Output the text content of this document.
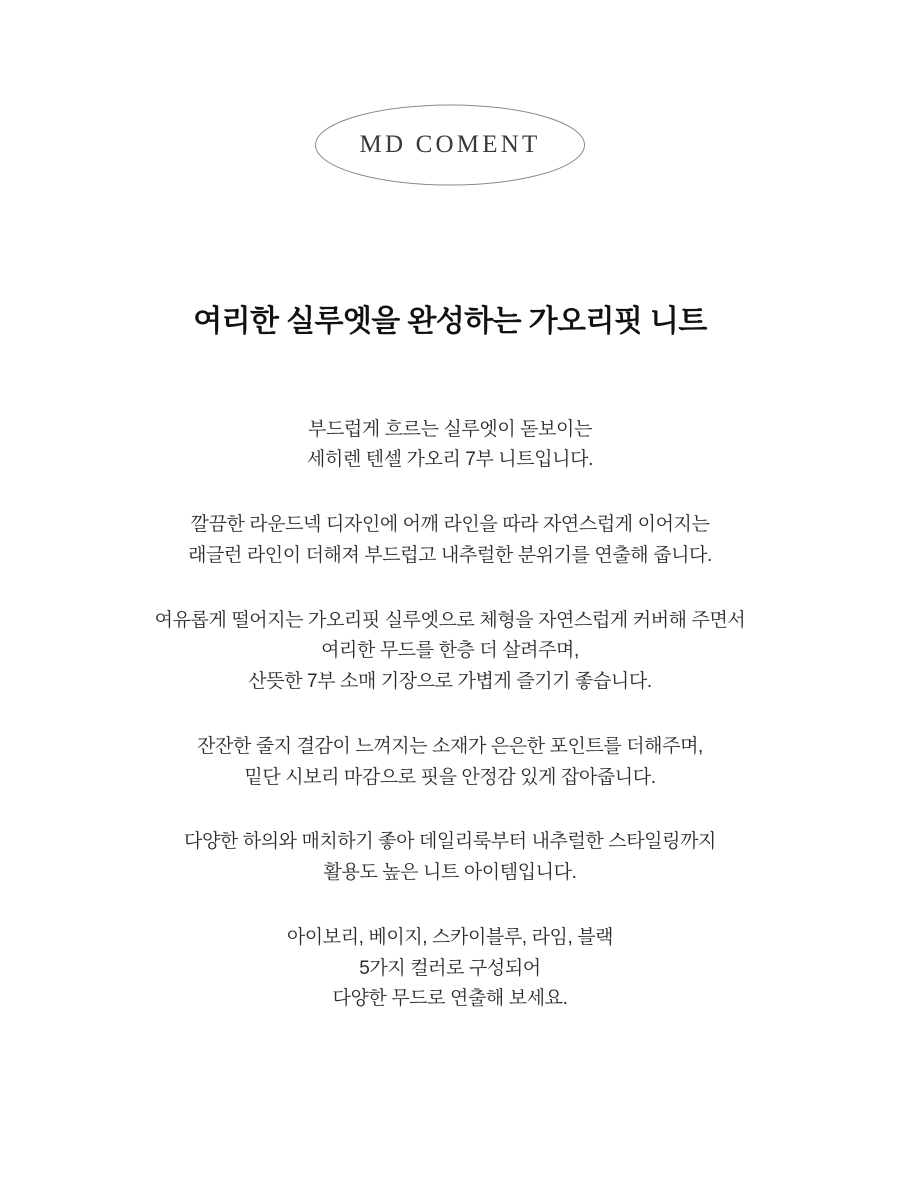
MD COMENT
여리한 실루엣을 완성하는 가오리핏 니트

부드럽게 흐르는 실루엣이 돋보이는
세히렌 텐셀 가오리 7부 니트입니다.

깔끔한 라운드넥 디자인에 어깨 라인을 따라 자연스럽게 이어지는
래글런 라인이 더해져 부드럽고 내추럴한 분위기를 연출해 줍니다.

여유롭게 떨어지는 가오리핏 실루엣으로 체형을 자연스럽게 커버해 주면서
여리한 무드를 한층 더 살려주며,
산뜻한 7부 소매 기장으로 가볍게 즐기기 좋습니다.

잔잔한 줄지 결감이 느껴지는 소재가 은은한 포인트를 더해주며,
밑단 시보리 마감으로 핏을 안정감 있게 잡아줍니다.

다양한 하의와 매치하기 좋아 데일리룩부터 내추럴한 스타일링까지
활용도 높은 니트 아이템입니다.

아이보리, 베이지, 스카이블루, 라임, 블랙
5가지 컬러로 구성되어
다양한 무드로 연출해 보세요.
